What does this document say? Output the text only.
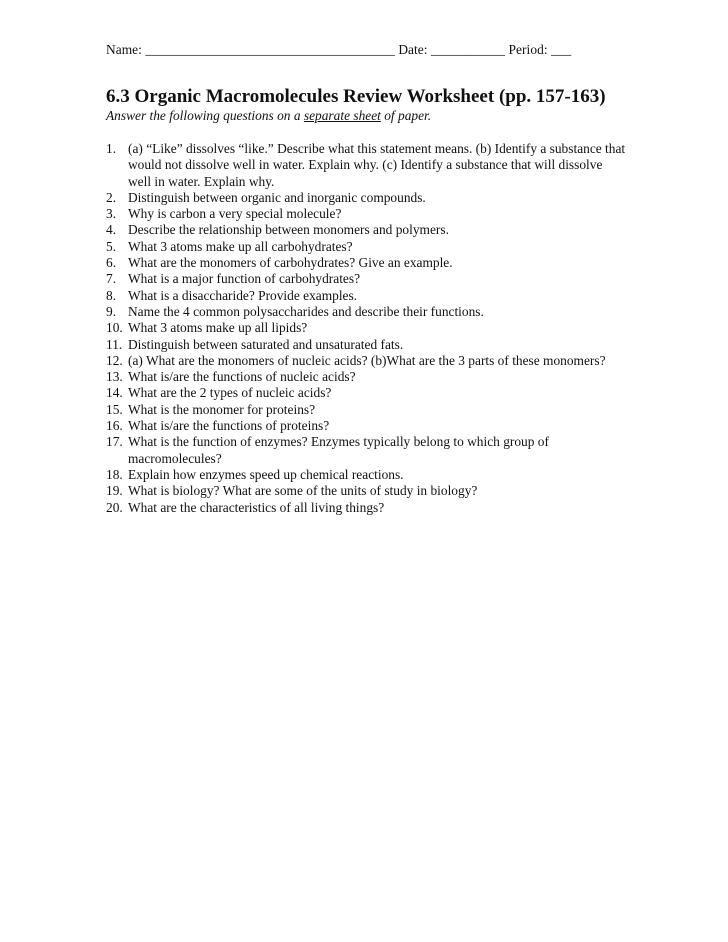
Name: _____________________________________ Date: ___________ Period: ___
6.3 Organic Macromolecules Review Worksheet (pp. 157-163)
Answer the following questions on a separate sheet of paper.
1. (a) “Like” dissolves “like.” Describe what this statement means. (b) Identify a substance that would not dissolve well in water. Explain why. (c) Identify a substance that will dissolve well in water. Explain why.
2. Distinguish between organic and inorganic compounds.
3. Why is carbon a very special molecule?
4. Describe the relationship between monomers and polymers.
5. What 3 atoms make up all carbohydrates?
6. What are the monomers of carbohydrates? Give an example.
7. What is a major function of carbohydrates?
8. What is a disaccharide? Provide examples.
9. Name the 4 common polysaccharides and describe their functions.
10. What 3 atoms make up all lipids?
11. Distinguish between saturated and unsaturated fats.
12. (a) What are the monomers of nucleic acids? (b)What are the 3 parts of these monomers?
13. What is/are the functions of nucleic acids?
14. What are the 2 types of nucleic acids?
15. What is the monomer for proteins?
16. What is/are the functions of proteins?
17. What is the function of enzymes? Enzymes typically belong to which group of macromolecules?
18. Explain how enzymes speed up chemical reactions.
19. What is biology? What are some of the units of study in biology?
20. What are the characteristics of all living things?
